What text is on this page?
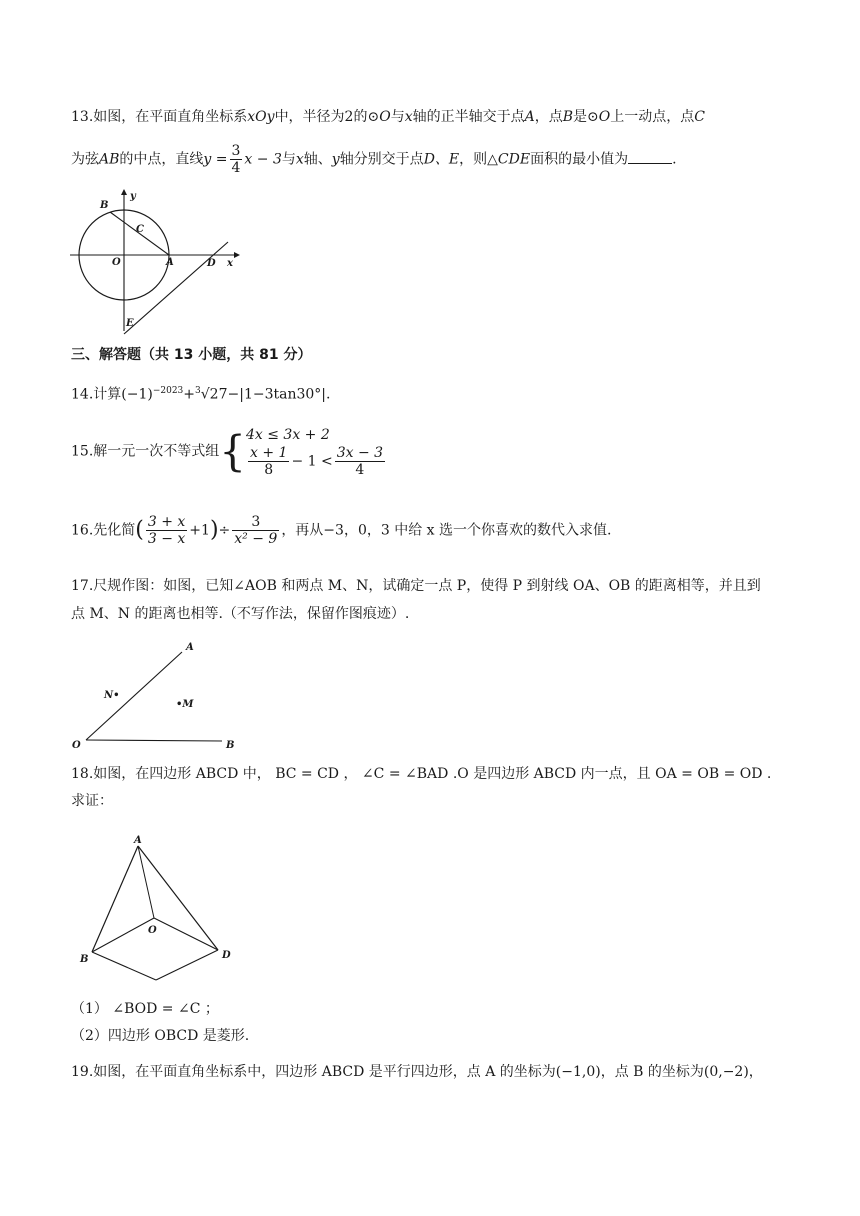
13.如图，在平面直角坐标系xOy中，半径为2的⊙O与x轴的正半轴交于点A，点B是⊙O上一动点，点C
为弦AB的中点，直线$y = \frac{3}{4}$ x − 3与x轴、y轴分别交于点D、E，则△CDE面积的最小值为	.
B
y
C
O	A	D x
E
三、解答题（共 13 小题，共 81 分）
14.计算$(-1)^{-2023}+^3√27-|1-3\tan 30^\circ|$.
15.解一元一次不等式组{ 4x ≤ 3x + 2
$\frac{x + 1}{8} - 1 < \frac{3x - 3}{4}$
16.先化简( $\frac{3 + x}{3 - x} +1)\div \frac{3}{\text{x² − 9}}$ ，再从−3，0，3 中给 x 选一个你喜欢的数代入求值.
17.尺规作图：如图，已知∠AOB 和两点 M、N，试确定一点 P，使得 P 到射线 OA、OB 的距离相等，并且到
点 M、N 的距离也相等.（不写作法，保留作图痕迹）.
A
N•
•M
O	B
18.如图，在四边形 ABCD 中， BC = CD ， ∠C = ∠BAD .O 是四边形 ABCD 内一点，且 OA = OB = OD .
求证：
A
O
B	D
（1） ∠BOD = ∠C ；
（2）四边形 OBCD 是菱形.
19.如图，在平面直角坐标系中，四边形 ABCD 是平行四边形，点 A 的坐标为(−1,0)，点 B 的坐标为(0,−2)，
